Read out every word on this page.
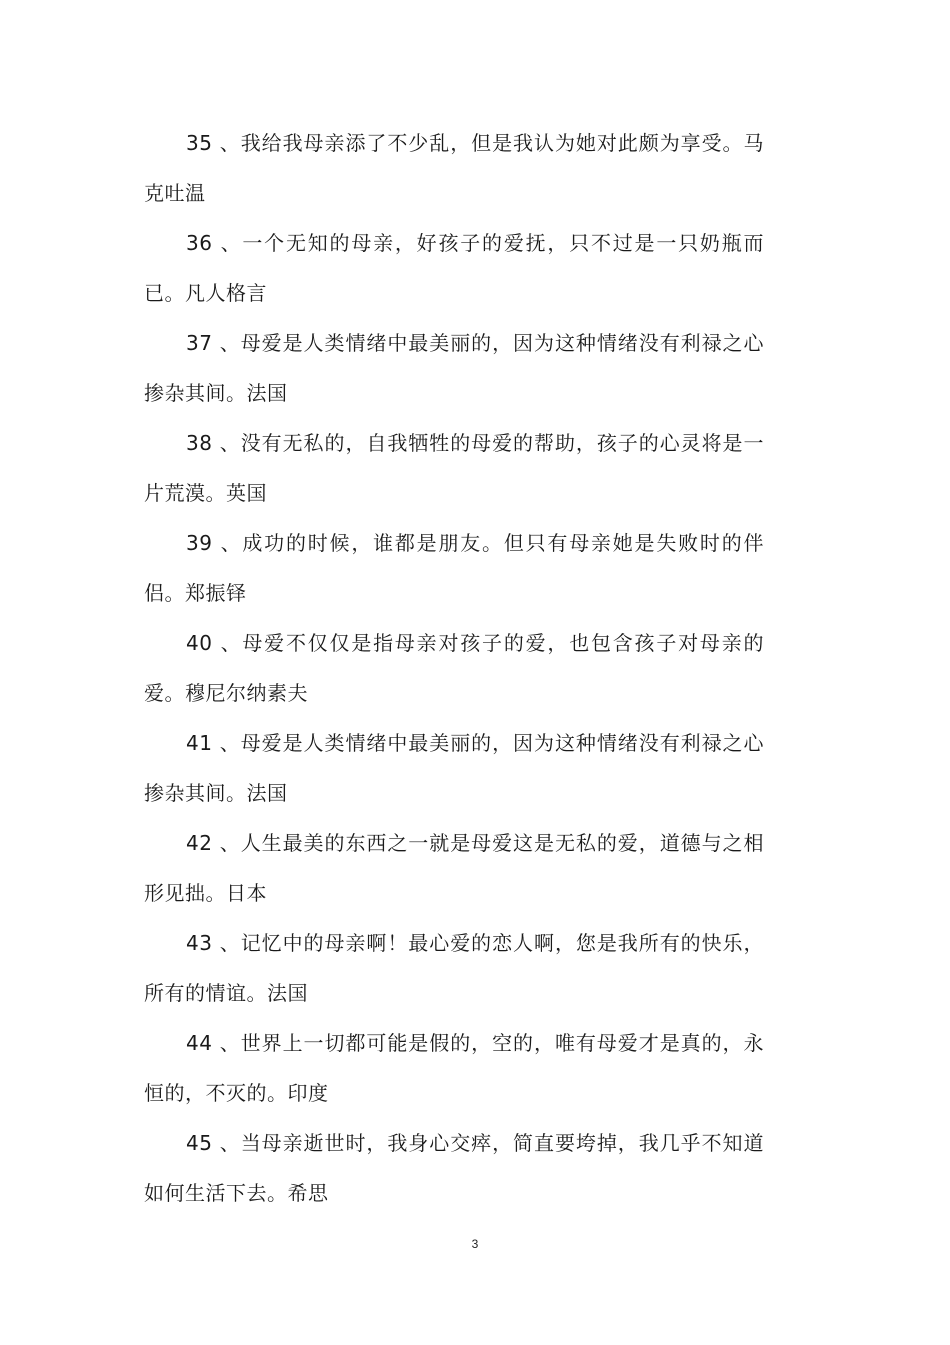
35 、我给我母亲添了不少乱，但是我认为她对此颇为享受。马克吐温

36 、一个无知的母亲，好孩子的爱抚，只不过是一只奶瓶而已。凡人格言

37 、母爱是人类情绪中最美丽的，因为这种情绪没有利禄之心掺杂其间。法国

38 、没有无私的，自我牺牲的母爱的帮助，孩子的心灵将是一片荒漠。英国

39 、成功的时候，谁都是朋友。但只有母亲她是失败时的伴侣。郑振铎

40 、母爱不仅仅是指母亲对孩子的爱，也包含孩子对母亲的爱。穆尼尔纳素夫

41 、母爱是人类情绪中最美丽的，因为这种情绪没有利禄之心掺杂其间。法国

42 、人生最美的东西之一就是母爱这是无私的爱，道德与之相形见拙。日本

43 、记忆中的母亲啊！最心爱的恋人啊，您是我所有的快乐，所有的情谊。法国

44 、世界上一切都可能是假的，空的，唯有母爱才是真的，永恒的，不灭的。印度

45 、当母亲逝世时，我身心交瘁，简直要垮掉，我几乎不知道如何生活下去。希思

3
